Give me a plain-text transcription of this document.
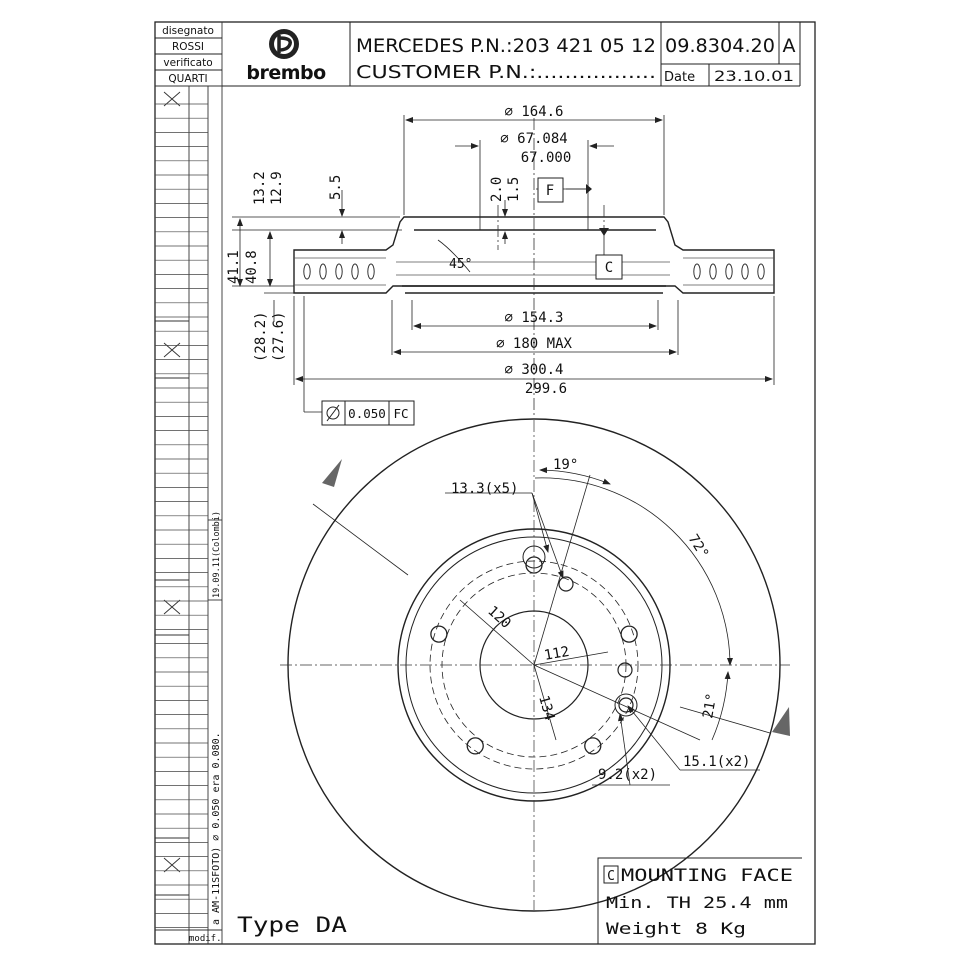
19.09.11(Colombi)
a AM-11SFOTO) ∅ 0.050 era 0.080.
modif.
disegnato
ROSSI
verificato
QUARTI brembo
MERCEDES P.N.:203 421 05 12
CUSTOMER P.N.:.................
09.8304.20 A
Date 23.10.01
F
C
0.050 FC
∅ 164.6
∅ 67.084
67.000
13.2 12.9	5.5	2.0 1.5
45°
41.1 40.8
∅ 154.3
∅ 180 MAX
(28.2) (27.6)
∅ 300.4
299.6
19°
13.3(x5)
72°
120
112
134	21°
9.2(x2)
15.1(x2)
C MOUNTING FACE
Min. TH 25.4 mm
Weight 8 Kg
Type DA
